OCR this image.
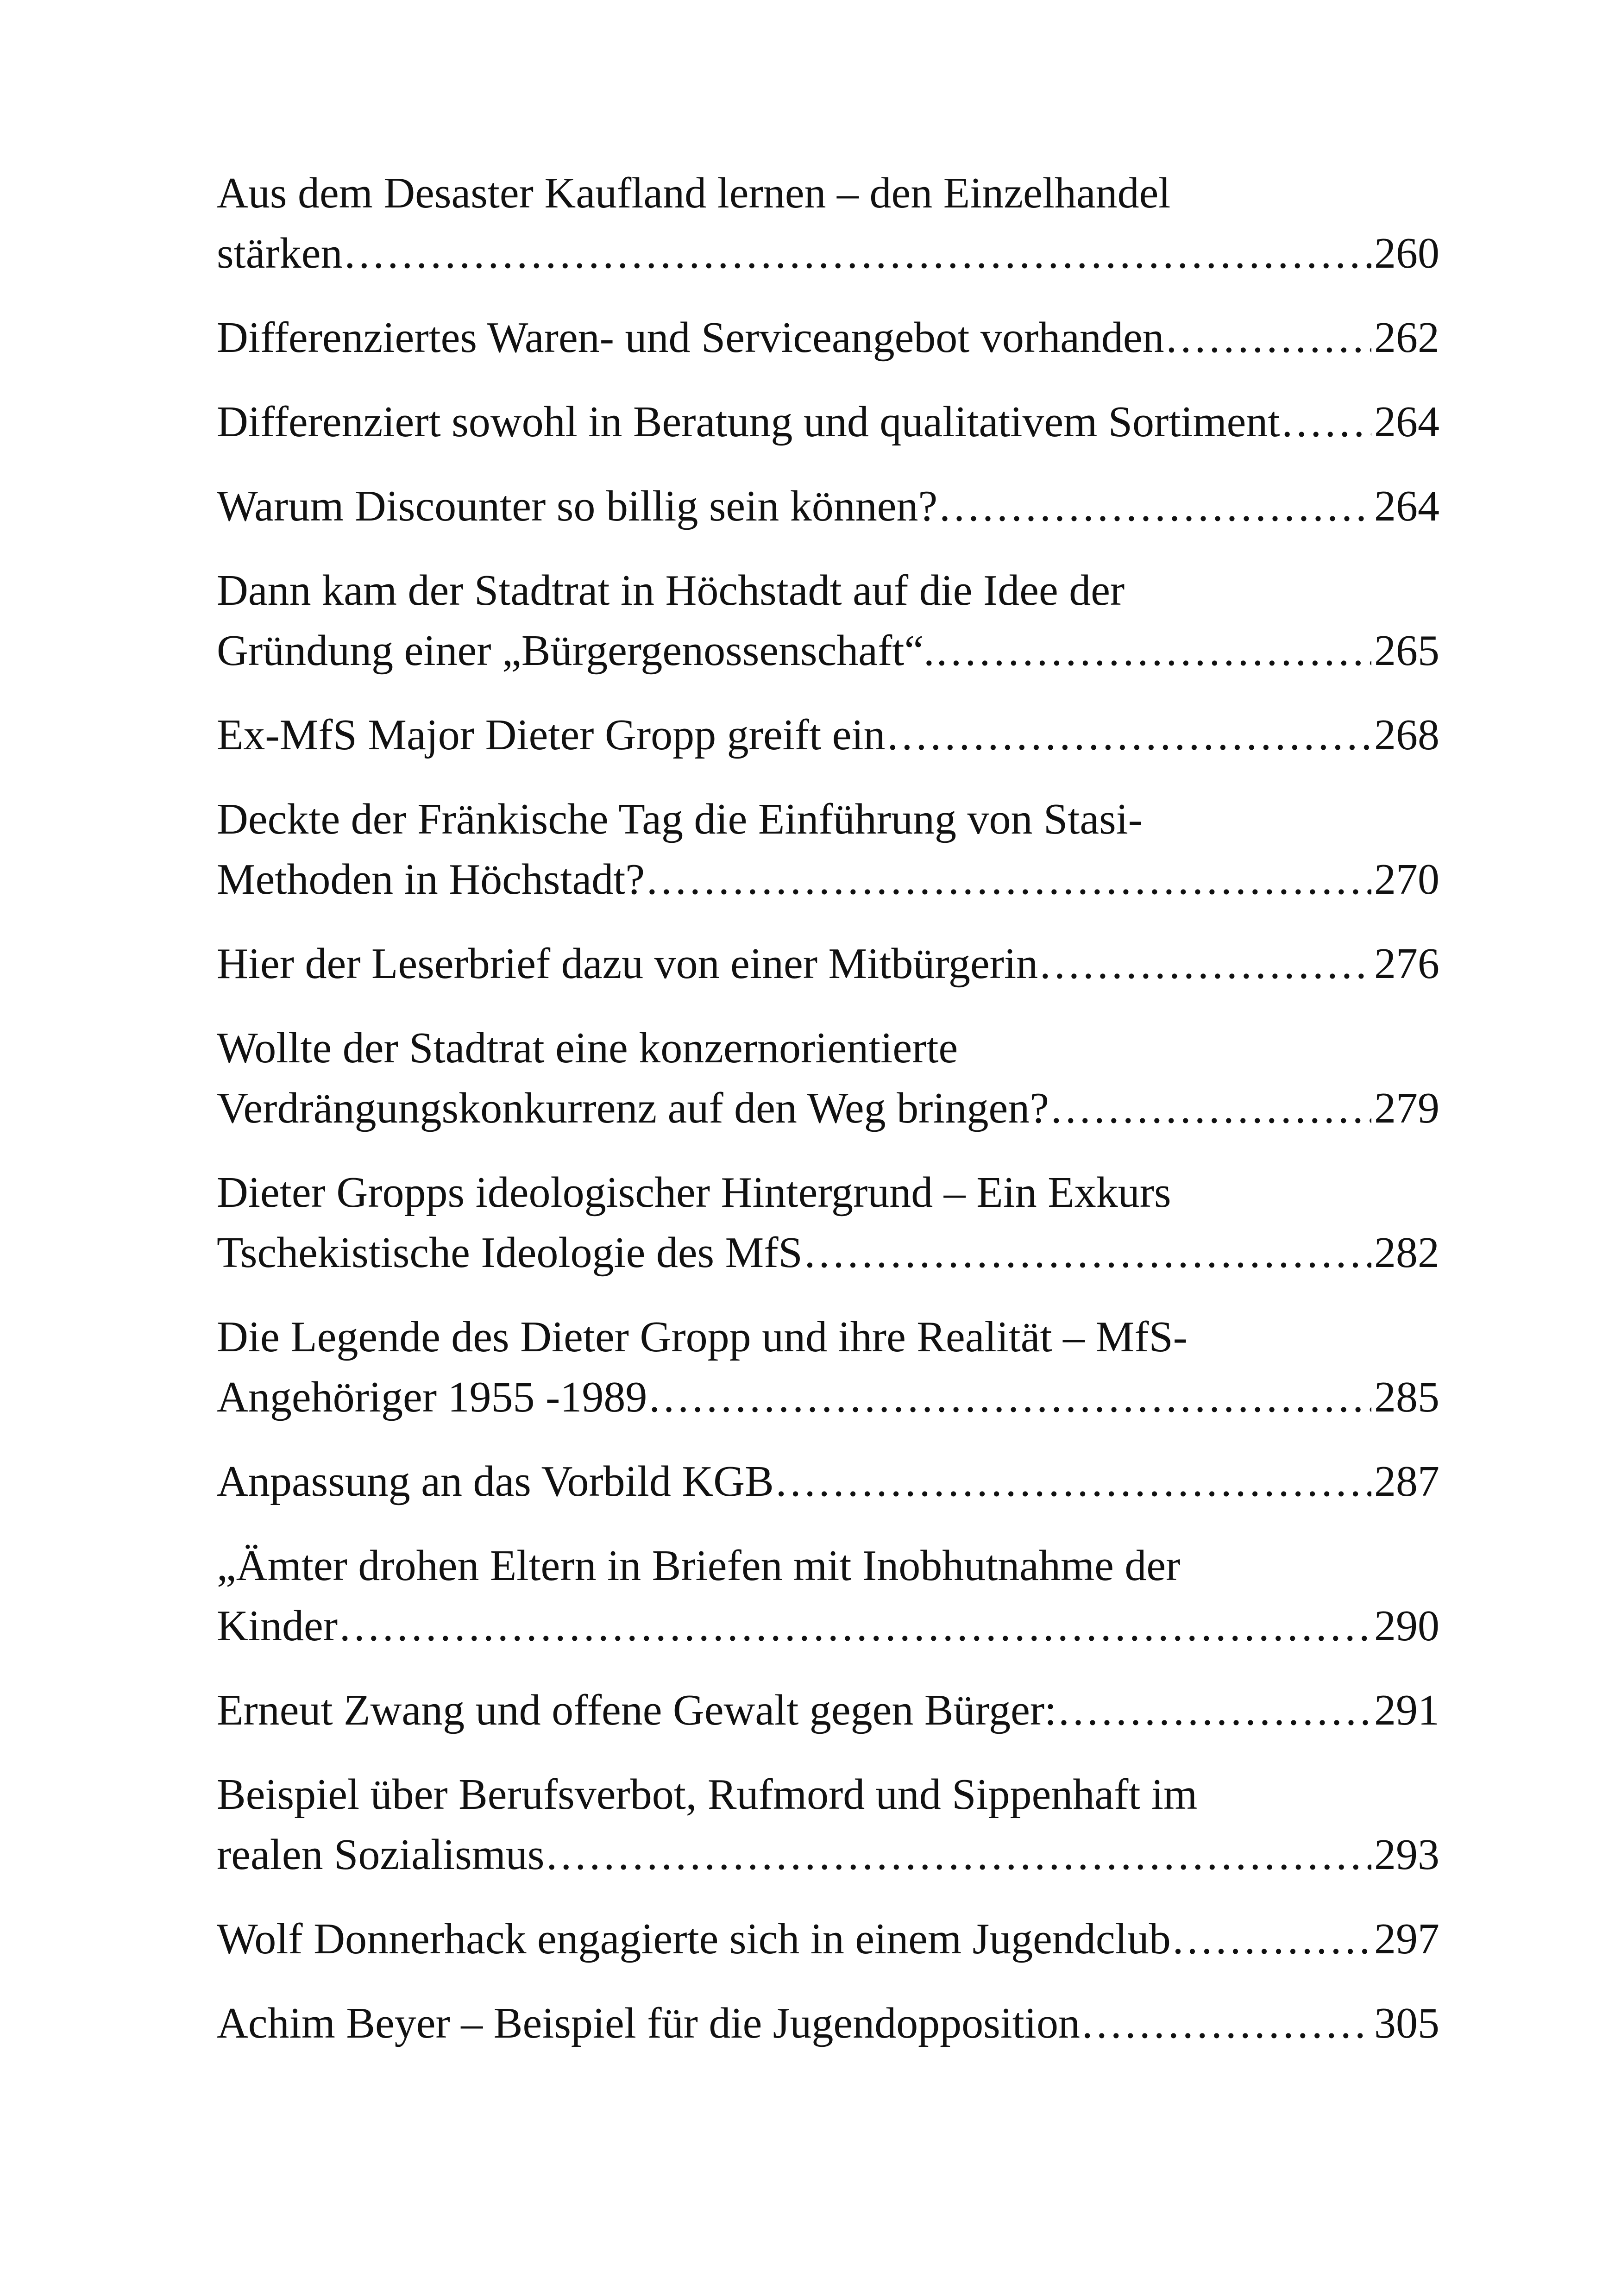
Aus dem Desaster Kaufland lernen – den Einzelhandel
stärken . . .	260
Differenziertes Waren- und Serviceangebot vorhanden . . .	262
Differenziert sowohl in Beratung und qualitativem Sortiment . . . 264
Warum Discounter so billig sein können? . . .	264
Dann kam der Stadtrat in Höchstadt auf die Idee der
Gründung einer „Bürgergenossenschaft“. . . .	265
Ex-MfS Major Dieter Gropp greift ein . . .	268
Deckte der Fränkische Tag die Einführung von Stasi-
Methoden in Höchstadt? . . .	270
Hier der Leserbrief dazu von einer Mitbürgerin . . .	276
Wollte der Stadtrat eine konzernorientierte
Verdrängungskonkurrenz auf den Weg bringen? . . .	279
Dieter Gropps ideologischer Hintergrund – Ein Exkurs
Tschekistische Ideologie des MfS . . .	282
Die Legende des Dieter Gropp und ihre Realität – MfS-
Angehöriger 1955 -1989 . . .	285
Anpassung an das Vorbild KGB . . .	287
„Ämter drohen Eltern in Briefen mit Inobhutnahme der
Kinder . . .	290
Erneut Zwang und offene Gewalt gegen Bürger: . . .	291
Beispiel über Berufsverbot, Rufmord und Sippenhaft im
realen Sozialismus . . .	293
Wolf Donnerhack engagierte sich in einem Jugendclub . . .	297
Achim Beyer – Beispiel für die Jugendopposition . . .	305
